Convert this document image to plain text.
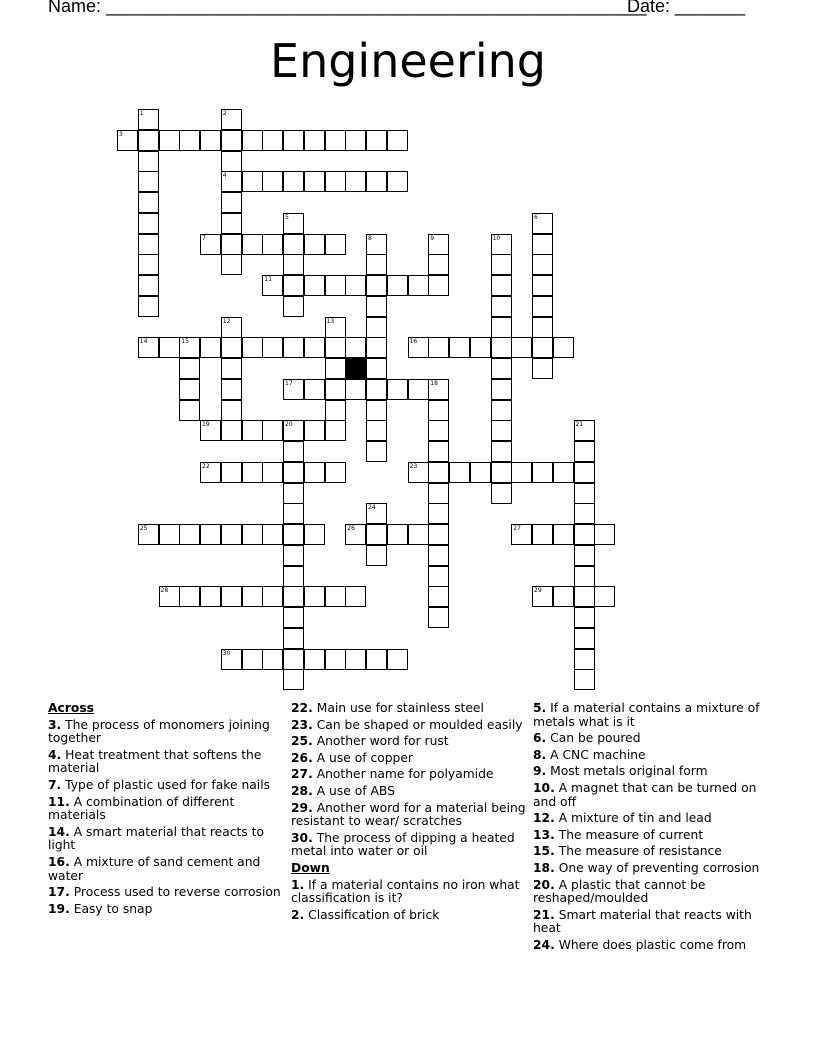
Name: ______________________________________________________
Date: _______
Engineering
3
4
7
11
14	15	16
17	18
19	20
22	23
25	26	27
28	29
30
1	2
5	6
8	9	10
12	13
21
24
Across
3. The process of monomers joining together
4. Heat treatment that softens the material
7. Type of plastic used for fake nails
11. A combination of different materials
14. A smart material that reacts to light
16. A mixture of sand cement and water
17. Process used to reverse corrosion
19. Easy to snap
22. Main use for stainless steel
23. Can be shaped or moulded easily
25. Another word for rust
26. A use of copper
27. Another name for polyamide
28. A use of ABS
29. Another word for a material being resistant to wear/ scratches
30. The process of dipping a heated metal into water or oil
Down
1. If a material contains no iron what classification is it?
2. Classification of brick
5. If a material contains a mixture of metals what is it
6. Can be poured
8. A CNC machine
9. Most metals original form
10. A magnet that can be turned on and off
12. A mixture of tin and lead
13. The measure of current
15. The measure of resistance
18. One way of preventing corrosion
20. A plastic that cannot be reshaped/moulded
21. Smart material that reacts with heat
24. Where does plastic come from
